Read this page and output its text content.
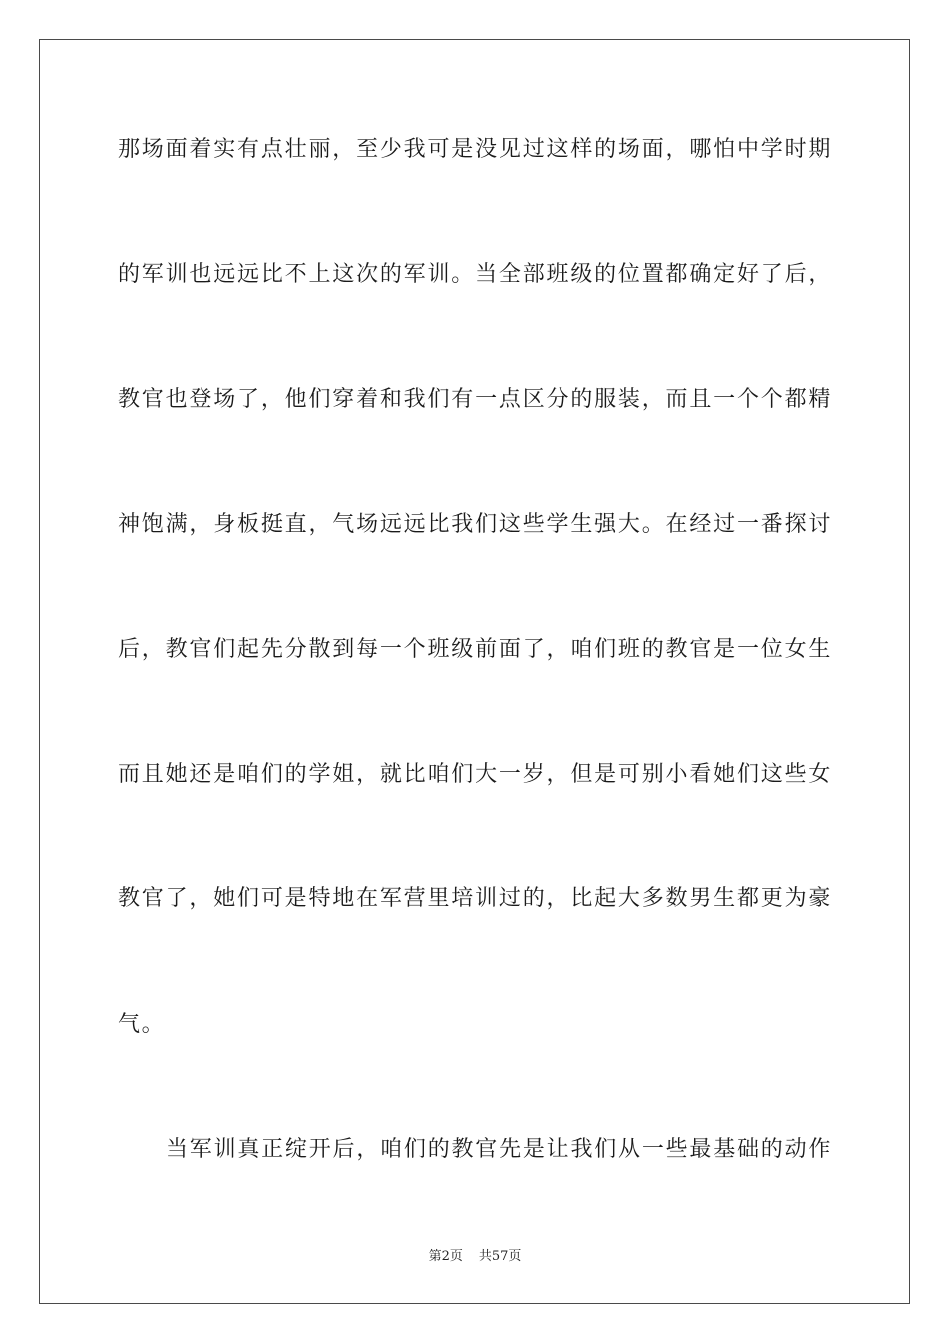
那场面着实有点壮丽，至少我可是没见过这样的场面，哪怕中学时期
的军训也远远比不上这次的军训。当全部班级的位置都确定好了后，
教官也登场了，他们穿着和我们有一点区分的服装，而且一个个都精
神饱满，身板挺直，气场远远比我们这些学生强大。在经过一番探讨
后，教官们起先分散到每一个班级前面了，咱们班的教官是一位女生
而且她还是咱们的学姐，就比咱们大一岁，但是可别小看她们这些女
教官了，她们可是特地在军营里培训过的，比起大多数男生都更为豪
气。
当军训真正绽开后，咱们的教官先是让我们从一些最基础的动作
第2页 共57页
